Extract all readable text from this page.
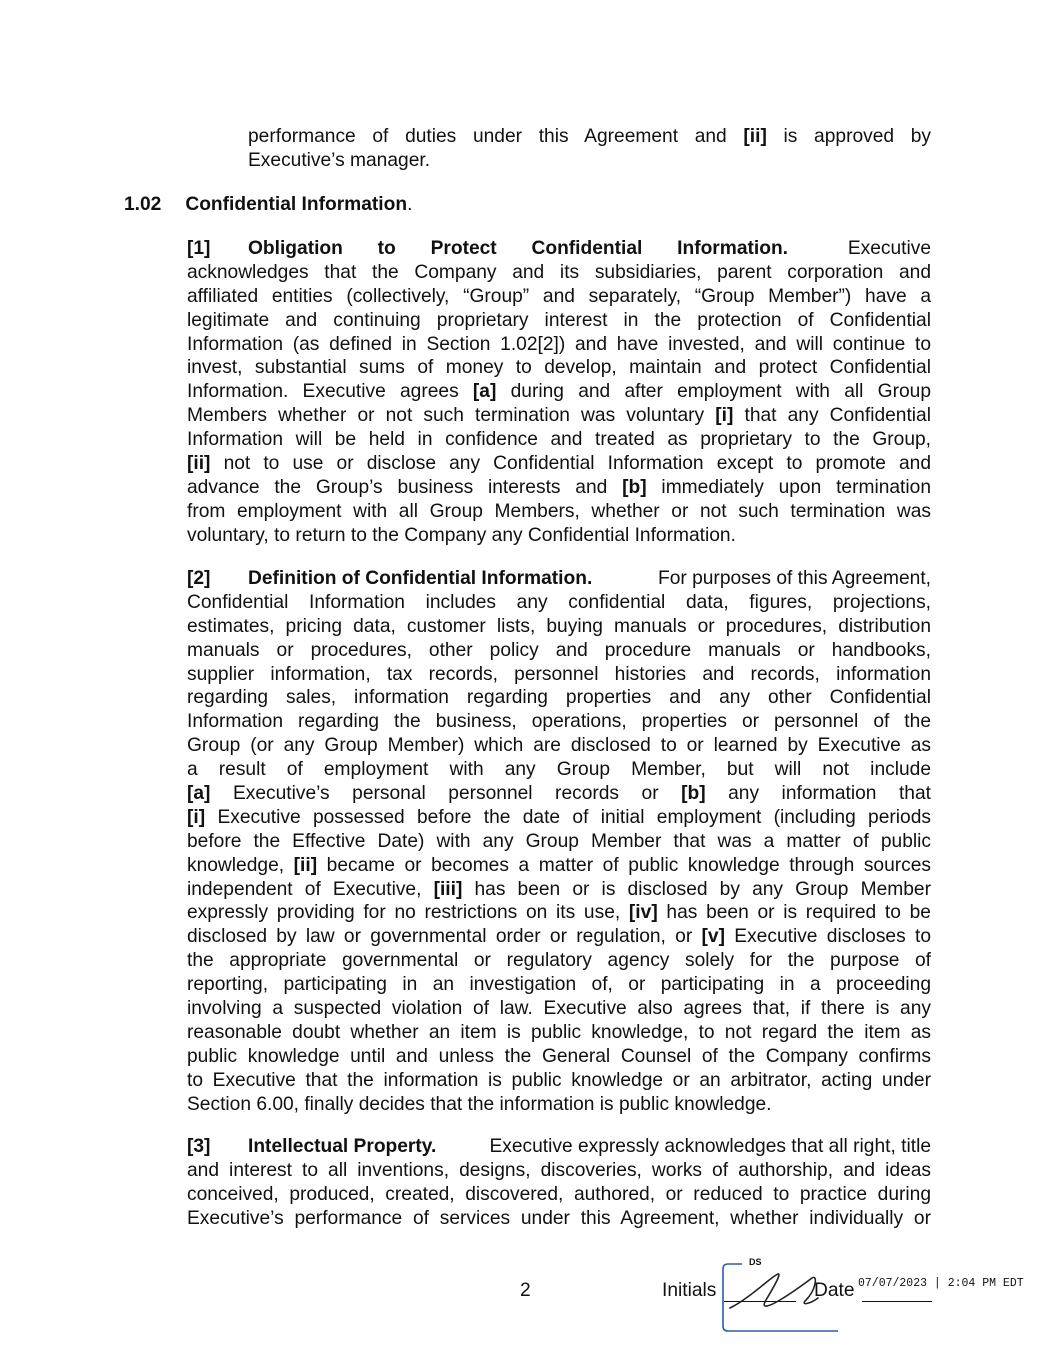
performance of duties under this Agreement and [ii] is approved by
Executive’s manager.
1.02 Confidential Information.
[1] Obligation to Protect Confidential Information.	Executive
acknowledges that the Company and its subsidiaries, parent corporation and
affiliated entities (collectively, “Group” and separately, “Group Member”) have a
legitimate and continuing proprietary interest in the protection of Confidential
Information (as defined in Section 1.02[2]) and have invested, and will continue to
invest, substantial sums of money to develop, maintain and protect Confidential
Information. Executive agrees [a] during and after employment with all Group
Members whether or not such termination was voluntary [i] that any Confidential
Information will be held in confidence and treated as proprietary to the Group,
[ii] not to use or disclose any Confidential Information except to promote and
advance the Group’s business interests and [b] immediately upon termination
from employment with all Group Members, whether or not such termination was
voluntary, to return to the Company any Confidential Information.
[2] Definition of Confidential Information.	For purposes of this Agreement,
Confidential Information includes any confidential data, figures, projections,
estimates, pricing data, customer lists, buying manuals or procedures, distribution
manuals or procedures, other policy and procedure manuals or handbooks,
supplier information, tax records, personnel histories and records, information
regarding sales, information regarding properties and any other Confidential
Information regarding the business, operations, properties or personnel of the
Group (or any Group Member) which are disclosed to or learned by Executive as
a result of employment with any Group Member, but will not include
[a] Executive’s personal personnel records or [b] any information that
[i] Executive possessed before the date of initial employment (including periods
before the Effective Date) with any Group Member that was a matter of public
knowledge, [ii] became or becomes a matter of public knowledge through sources
independent of Executive, [iii] has been or is disclosed by any Group Member
expressly providing for no restrictions on its use, [iv] has been or is required to be
disclosed by law or governmental order or regulation, or [v] Executive discloses to
the appropriate governmental or regulatory agency solely for the purpose of
reporting, participating in an investigation of, or participating in a proceeding
involving a suspected violation of law. Executive also agrees that, if there is any
reasonable doubt whether an item is public knowledge, to not regard the item as
public knowledge until and unless the General Counsel of the Company confirms
to Executive that the information is public knowledge or an arbitrator, acting under
Section 6.00, finally decides that the information is public knowledge.
[3] Intellectual Property.	Executive expressly acknowledges that all right, title
and interest to all inventions, designs, discoveries, works of authorship, and ideas
conceived, produced, created, discovered, authored, or reduced to practice during
Executive’s performance of services under this Agreement, whether individually or
2	Initials
DS
Date 07/07/2023 | 2:04 PM EDT
